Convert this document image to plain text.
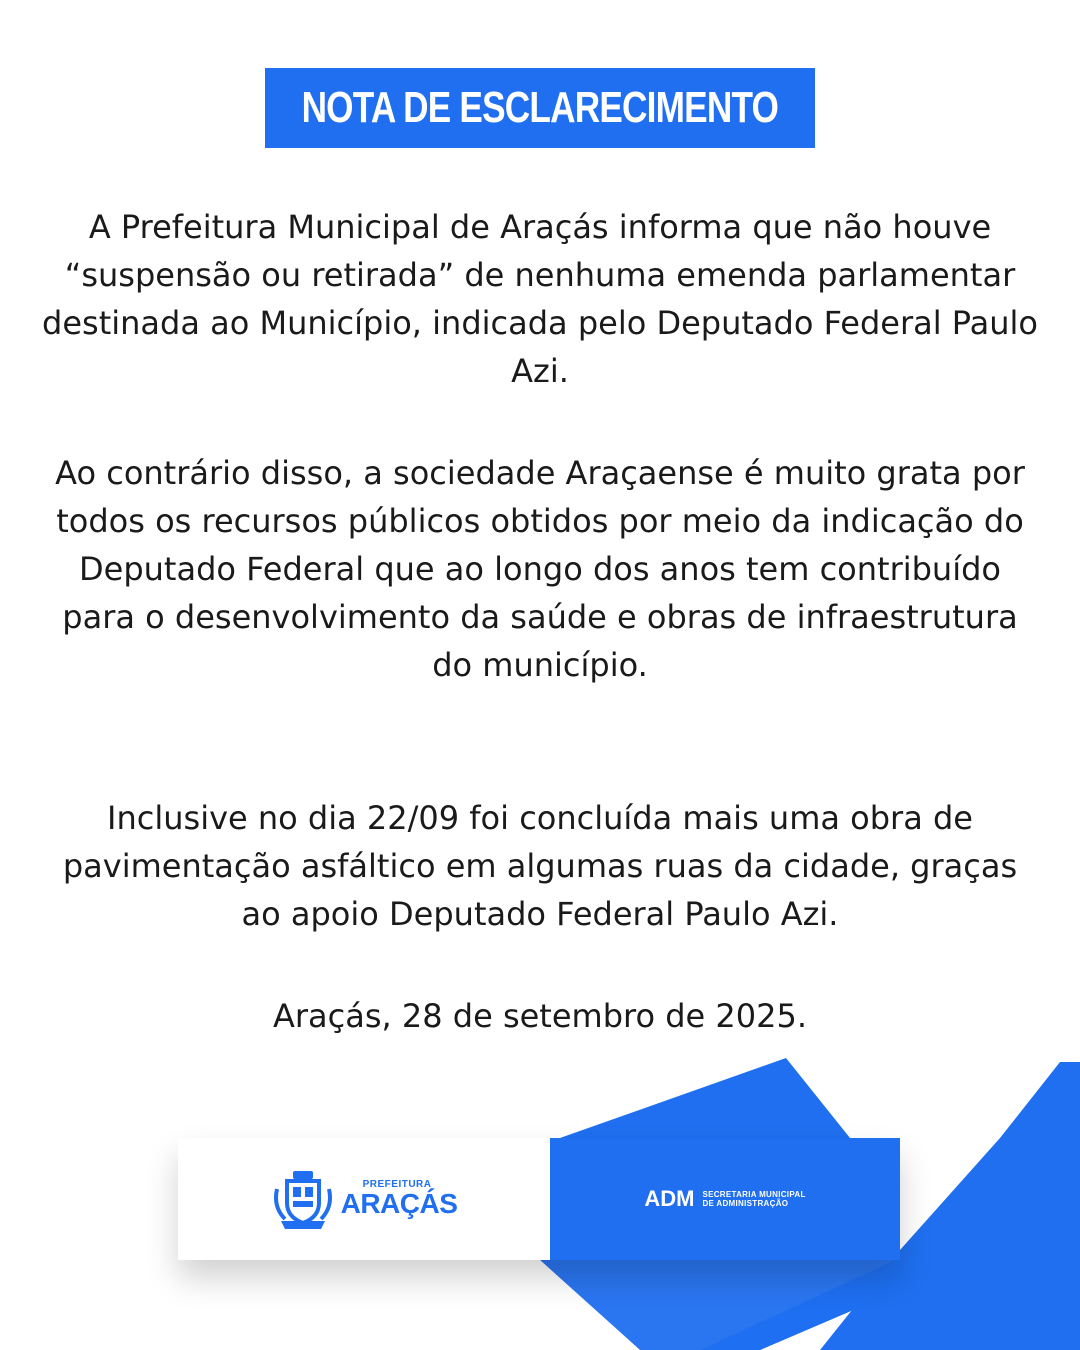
NOTA DE ESCLARECIMENTO
A Prefeitura Municipal de Araçás informa que não houve “suspensão ou retirada” de nenhuma emenda parlamentar destinada ao Município, indicada pelo Deputado Federal Paulo Azi.
Ao contrário disso, a sociedade Araçaense é muito grata por todos os recursos públicos obtidos por meio da indicação do Deputado Federal que ao longo dos anos tem contribuído para o desenvolvimento da saúde e obras de infraestrutura do município.
Inclusive no dia 22/09 foi concluída mais uma obra de pavimentação asfáltico em algumas ruas da cidade, graças ao apoio Deputado Federal Paulo Azi.
Araçás, 28 de setembro de 2025.
PREFEITURA
ARAÇÁS	ADM SECRETARIA MUNICIPAL
DE ADMINISTRAÇÃO
